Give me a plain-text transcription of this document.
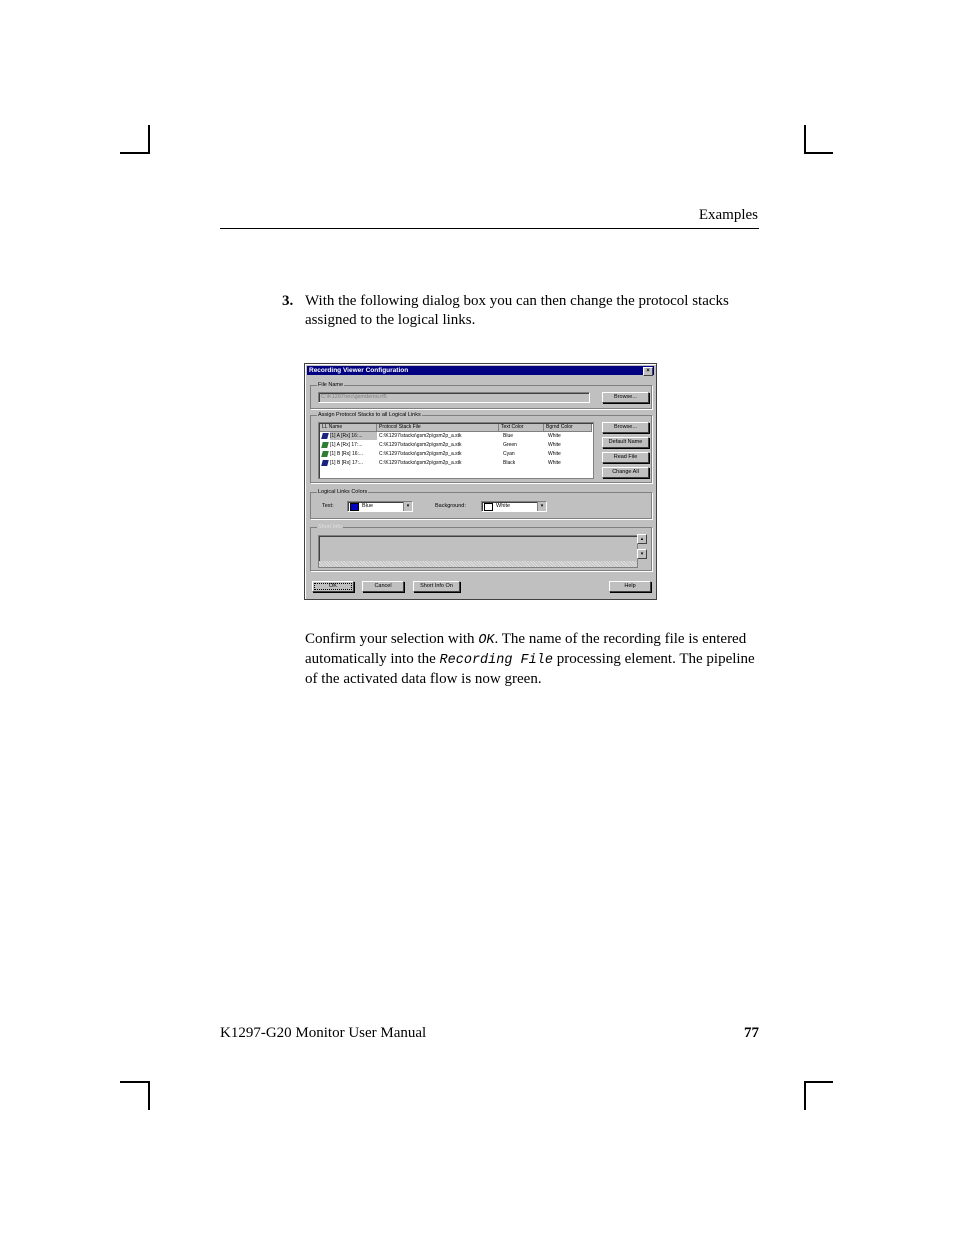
Examples
3. With the following dialog box you can then change the protocol stacks assigned to the logical links.
Recording Viewer Configuration	×
File Name
C:\K1297\rec\gsmdemo.rf5	Browse...
Assign Protocol Stacks to all Logical Links
LL Name	Protocol Stack File	Text Color	Bgrnd Color
[1] A [Rx] 16:...	C:\K1297\stacks\gsm2p\gsm2p_a.stk	Blue	White
[1] A [Rx] 17:...	C:\K1297\stacks\gsm2p\gsm2p_a.stk	Green	White
[1] B [Rx] 16:...	C:\K1297\stacks\gsm2p\gsm2p_a.stk	Cyan	White
[1] B [Rx] 17:...	C:\K1297\stacks\gsm2p\gsm2p_a.stk	Black	White
Browse...
Default Name
Read File
Change All
Logical Links Colors
Text:	Blue	▾	Background:	White	▾
Short Info
▴
▾
OK	Cancel	Short Info On	Help
Confirm your selection with OK. The name of the recording file is entered automatically into the Recording File processing element. The pipeline of the activated data flow is now green.
K1297-G20 Monitor User Manual	77
